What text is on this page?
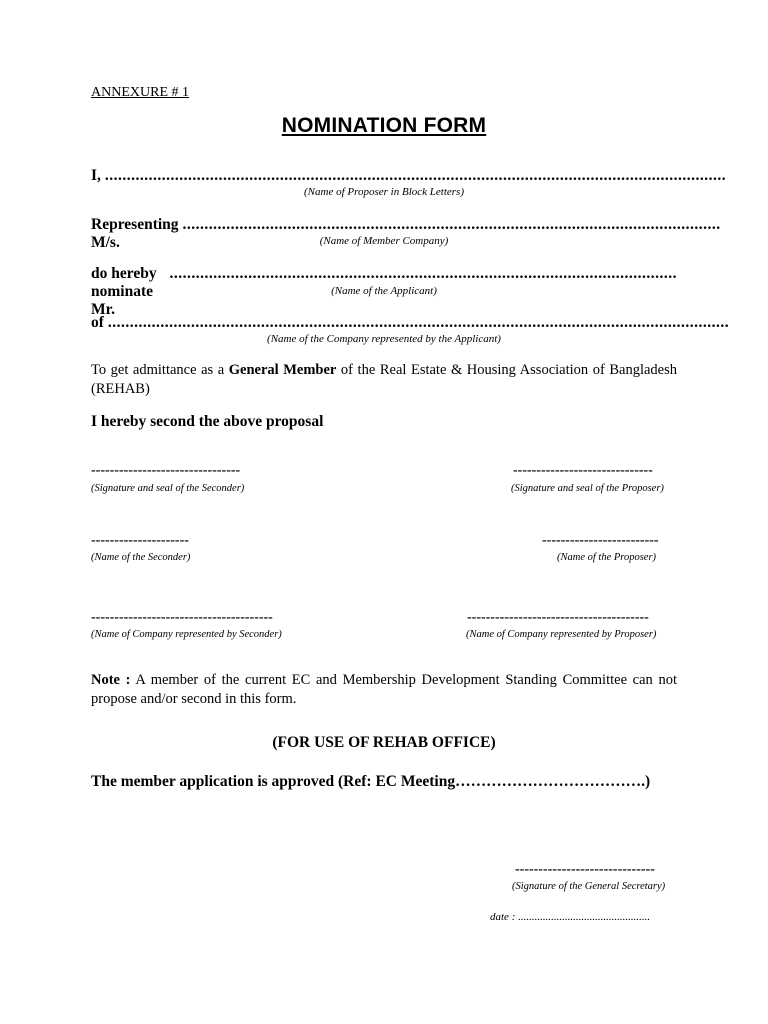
ANNEXURE # 1
NOMINATION FORM
I, ..............................................................................................................................................
(Name of Proposer in Block Letters)
Representing M/s.
...........................................................................................................................
(Name of Member Company)
do hereby nominate Mr.
....................................................................................................................
(Name of the Applicant)
of ..............................................................................................................................................
(Name of the Company represented by the Applicant)
To get admittance as a General Member of the Real Estate & Housing Association of Bangladesh (REHAB)
I hereby second the above proposal
--------------------------------
(Signature and seal of the Seconder)
------------------------------
(Signature and seal of the Proposer)
---------------------
(Name of the Seconder)
-------------------------
(Name of the Proposer)
---------------------------------------
(Name of Company represented by Seconder)
---------------------------------------
(Name of Company represented by Proposer)
Note : A member of the current EC and Membership Development Standing Committee can not propose and/or second in this form.
(FOR USE OF REHAB OFFICE)
The member application is approved (Ref: EC Meeting……………………………….)
------------------------------
(Signature of the General Secretary)
date : ................................................
